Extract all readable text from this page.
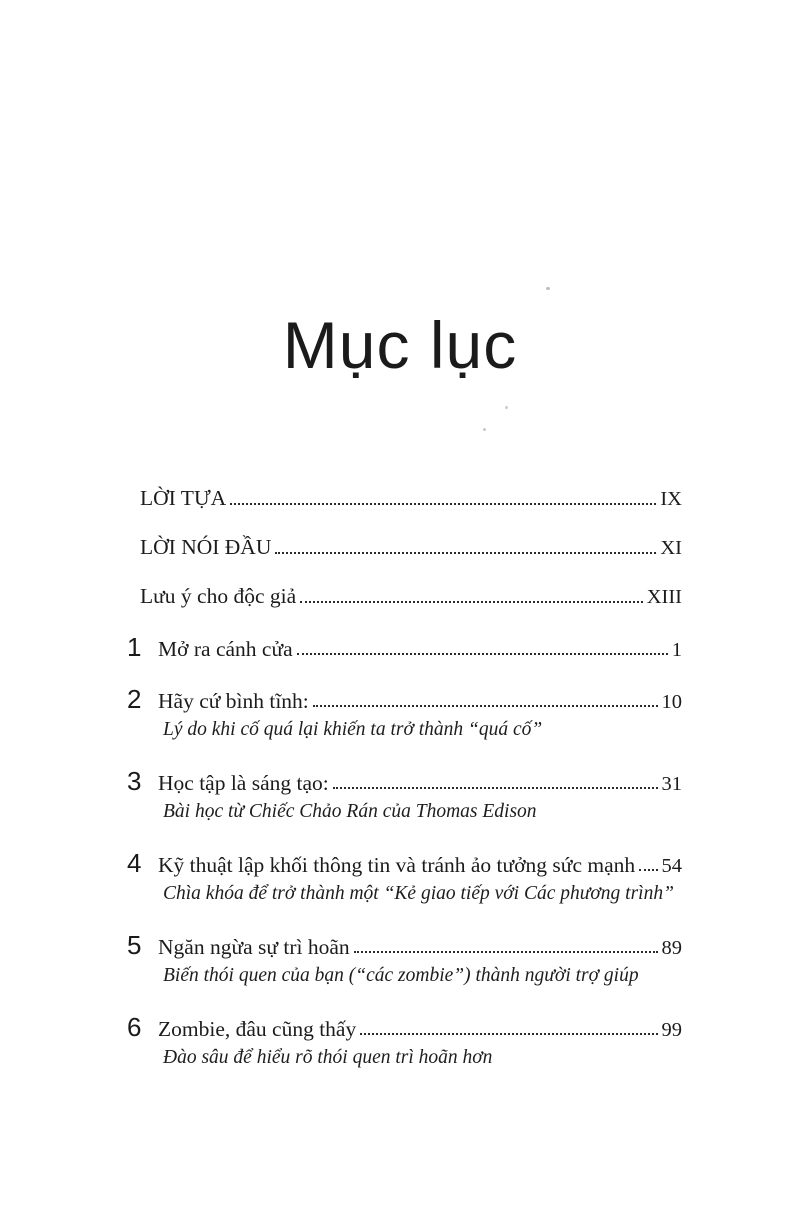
Mục lục
LỜI TỰA	IX
LỜI NÓI ĐẦU	XI
Lưu ý cho độc giả	XIII
1 Mở ra cánh cửa	1
2 Hãy cứ bình tĩnh:	10
Lý do khi cố quá lại khiến ta trở thành “quá cố”
3 Học tập là sáng tạo:	31
Bài học từ Chiếc Chảo Rán của Thomas Edison
4 Kỹ thuật lập khối thông tin và tránh ảo tưởng sức mạnh 54
Chìa khóa để trở thành một “Kẻ giao tiếp với Các phương trình”
5 Ngăn ngừa sự trì hoãn	89
Biến thói quen của bạn (“các zombie”) thành người trợ giúp
6 Zombie, đâu cũng thấy	99
Đào sâu để hiểu rõ thói quen trì hoãn hơn
